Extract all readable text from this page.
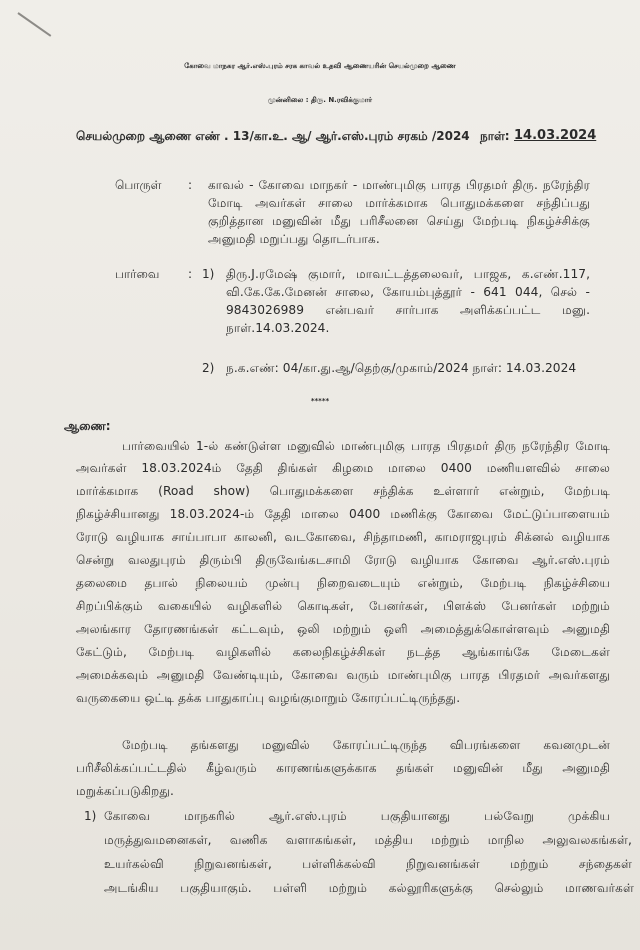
கோவை மாநகர ஆர்.எஸ்.புரம் சரக காவல் உதவி ஆணையரின் செயல்முறை ஆணை
முன்னிலை : திரு. N.ரவிக்குமார்
செயல்முறை ஆணை எண் . 13/கா.உ. ஆ/ ஆர்.எஸ்.புரம் சரகம் /2024 நாள்: 14.03.2024
பொருள் : காவல் - கோவை மாநகர் - மாண்புமிகு பாரத பிரதமர் திரு. நரேந்திர
மோடி அவர்கள் சாலை மார்க்கமாக பொதுமக்களை சந்திப்பது
குறித்தான மனுவின் மீது பரிசீலனை செய்து மேற்படி நிகழ்ச்சிக்கு
அனுமதி மறுப்பது தொடர்பாக.
பார்வை : 1) திரு.J.ரமேஷ் குமார், மாவட்டத்தலைவர், பாஜக, க.எண்.117,
வி.கே.கே.மேனன் சாலை, கோயம்புத்தூர் - 641 044, செல் -
9843026989 என்பவர் சார்பாக அளிக்கப்பட்ட மனு.
நாள்.14.03.2024.
2) ந.க.எண்: 04/கா.து.ஆ/தெற்கு/முகாம்/2024 நாள்: 14.03.2024
*****
ஆணை:
பார்வையில் 1-ல் கண்டுள்ள மனுவில் மாண்புமிகு பாரத பிரதமர் திரு நரேந்திர மோடி
அவர்கள் 18.03.2024ம் தேதி திங்கள் கிழமை மாலை 0400 மணியளவில் சாலை
மார்க்கமாக (Road show) பொதுமக்களை சந்திக்க உள்ளார் என்றும், மேற்படி
நிகழ்ச்சியானது 18.03.2024-ம் தேதி மாலை 0400 மணிக்கு கோவை மேட்டுப்பாளையம்
ரோடு வழியாக சாய்பாபா காலனி, வடகோவை, சிந்தாமணி, காமராஜபுரம் சிக்னல் வழியாக
சென்று வலதுபுரம் திரும்பி திருவேங்கடசாமி ரோடு வழியாக கோவை ஆர்.எஸ்.புரம்
தலைமை தபால் நிலையம் முன்பு நிறைவடையும் என்றும், மேற்படி நிகழ்ச்சியை
சிறப்பிக்கும் வகையில் வழிகளில் கொடிகள், பேனர்கள், பிளக்ஸ் பேனர்கள் மற்றும்
அலங்கார தோரணங்கள் கட்டவும், ஒலி மற்றும் ஒளி அமைத்துக்கொள்ளவும் அனுமதி
கேட்டும், மேற்படி வழிகளில் கலைநிகழ்ச்சிகள் நடத்த ஆங்காங்கே மேடைகள்
அமைக்கவும் அனுமதி வேண்டியும், கோவை வரும் மாண்புமிகு பாரத பிரதமர் அவர்களது
வருகையை ஒட்டி தக்க பாதுகாப்பு வழங்குமாறும் கோரப்பட்டிருந்தது.
மேற்படி தங்களது மனுவில் கோரப்பட்டிருந்த விபரங்களை கவனமுடன்
பரிசீலிக்கப்பட்டதில் கீழ்வரும் காரணங்களுக்காக தங்கள் மனுவின் மீது அனுமதி
மறுக்கப்படுகிறது.
1) கோவை மாநகரில் ஆர்.எஸ்.புரம் பகுதியானது பல்வேறு முக்கிய
மருத்துவமனைகள், வணிக வளாகங்கள், மத்திய மற்றும் மாநில அலுவலகங்கள்,
உயர்கல்வி நிறுவனங்கள், பள்ளிக்கல்வி நிறுவனங்கள் மற்றும் சந்தைகள்
அடங்கிய பகுதியாகும். பள்ளி மற்றும் கல்லூரிகளுக்கு செல்லும் மாணவர்கள்
